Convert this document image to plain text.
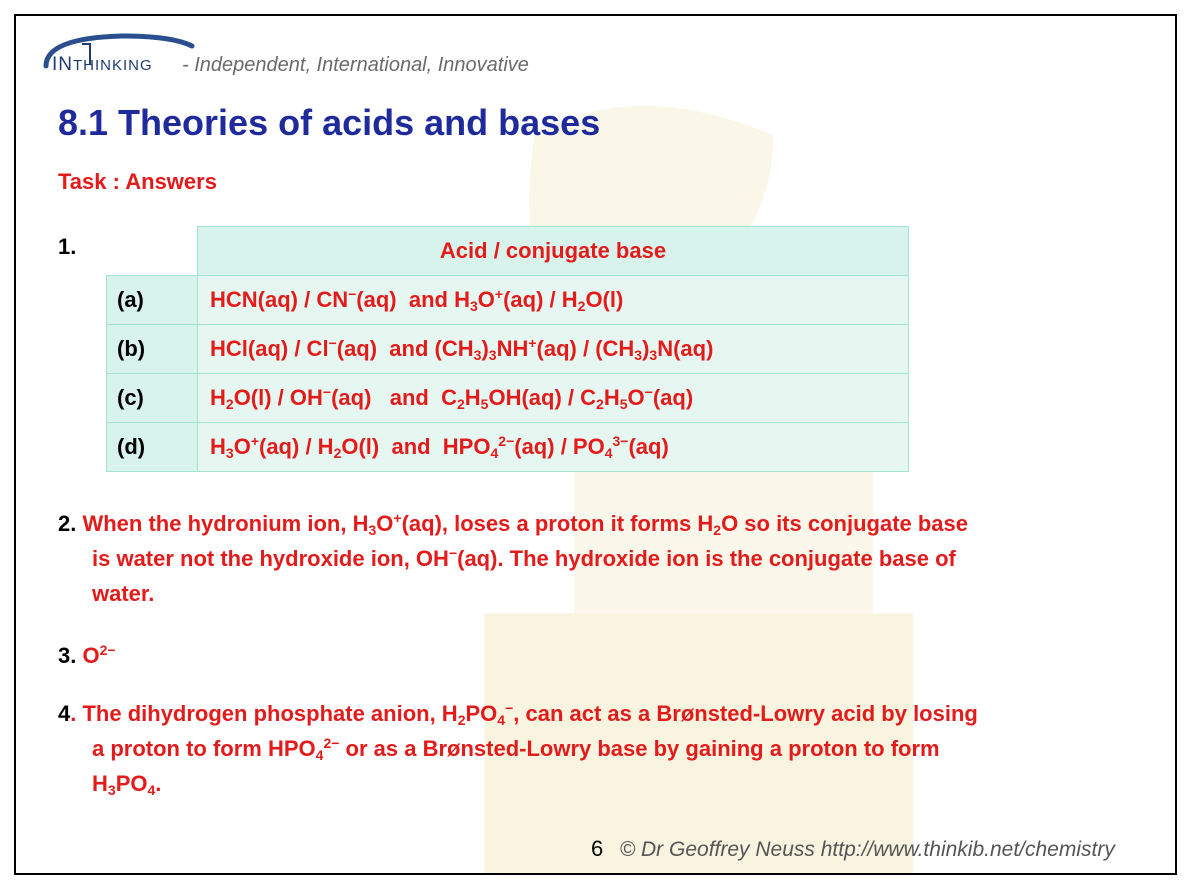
INTHINKING - Independent, International, Innovative
8.1 Theories of acids and bases
Task : Answers
1.
		Acid / conjugate base
(a)	HCN(aq) / CN−(aq)  and $H_3O^+(aq) / H_2O(l)$
(b)	HCl(aq) / Cl−(aq)  and $(CH_3)_3NH^+(aq) / (CH_3)_3N(aq)$
(c)	$H_2O(l) / OH^-(aq)$   and  $C_2H_5OH(aq) / C_2H_5O^-(aq)$
(d)	$H_3O^+(aq) / H_2O(l)$  and  $HPO_4^{2-}(aq) / PO_4^{3-}(aq)$
2. When the hydronium ion, $H_3O^+(aq)$, loses a proton it forms $H_2O$ so its conjugate base
is water not the hydroxide ion, OH−(aq). The hydroxide ion is the conjugate base of
water.
3. $O^{2-}$
4. The dihydrogen phosphate anion, $H_2PO_4^-$, can act as a Brønsted-Lowry acid by losing
a proton to form $HPO_4^{2-}$ or as a Brønsted-Lowry base by gaining a proton to form
$H_3PO_4$.
6 © Dr Geoffrey Neuss http://www.thinkib.net/chemistry
